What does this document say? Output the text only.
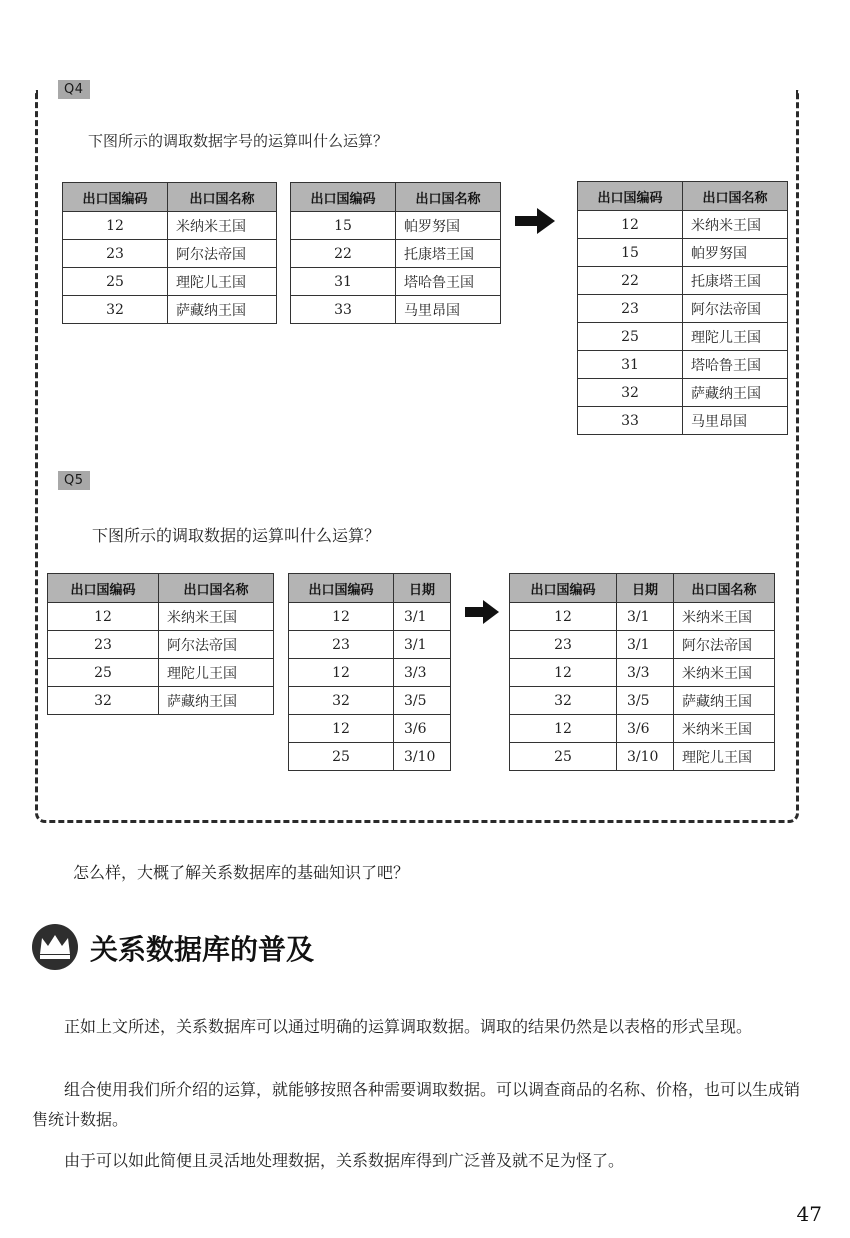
Q4
下图所示的调取数据字号的运算叫什么运算？
出口国编码	出口国名称
12	米纳米王国
23	阿尔法帝国
25	理陀儿王国
32	萨藏纳王国
出口国编码	出口国名称
15	帕罗努国
22	托康塔王国
31	塔哈鲁王国
33	马里昂国
出口国编码	出口国名称
12	米纳米王国
15	帕罗努国
22	托康塔王国
23	阿尔法帝国
25	理陀儿王国
31	塔哈鲁王国
32	萨藏纳王国
33	马里昂国
Q5
下图所示的调取数据的运算叫什么运算？
出口国编码	出口国名称
12	米纳米王国
23	阿尔法帝国
25	理陀儿王国
32	萨藏纳王国
出口国编码	日期
12	3/1
23	3/1
12	3/3
32	3/5
12	3/6
25	3/10
出口国编码	日期	出口国名称
12	3/1	米纳米王国
23	3/1	阿尔法帝国
12	3/3	米纳米王国
32	3/5	萨藏纳王国
12	3/6	米纳米王国
25	3/10	理陀儿王国
怎么样，大概了解关系数据库的基础知识了吧？
关系数据库的普及
正如上文所述，关系数据库可以通过明确的运算调取数据。调取的结果仍然是以表格的形式呈现。
组合使用我们所介绍的运算，就能够按照各种需要调取数据。可以调查商品的名称、价格，也可以生成销售统计数据。
由于可以如此简便且灵活地处理数据，关系数据库得到广泛普及就不足为怪了。
47
